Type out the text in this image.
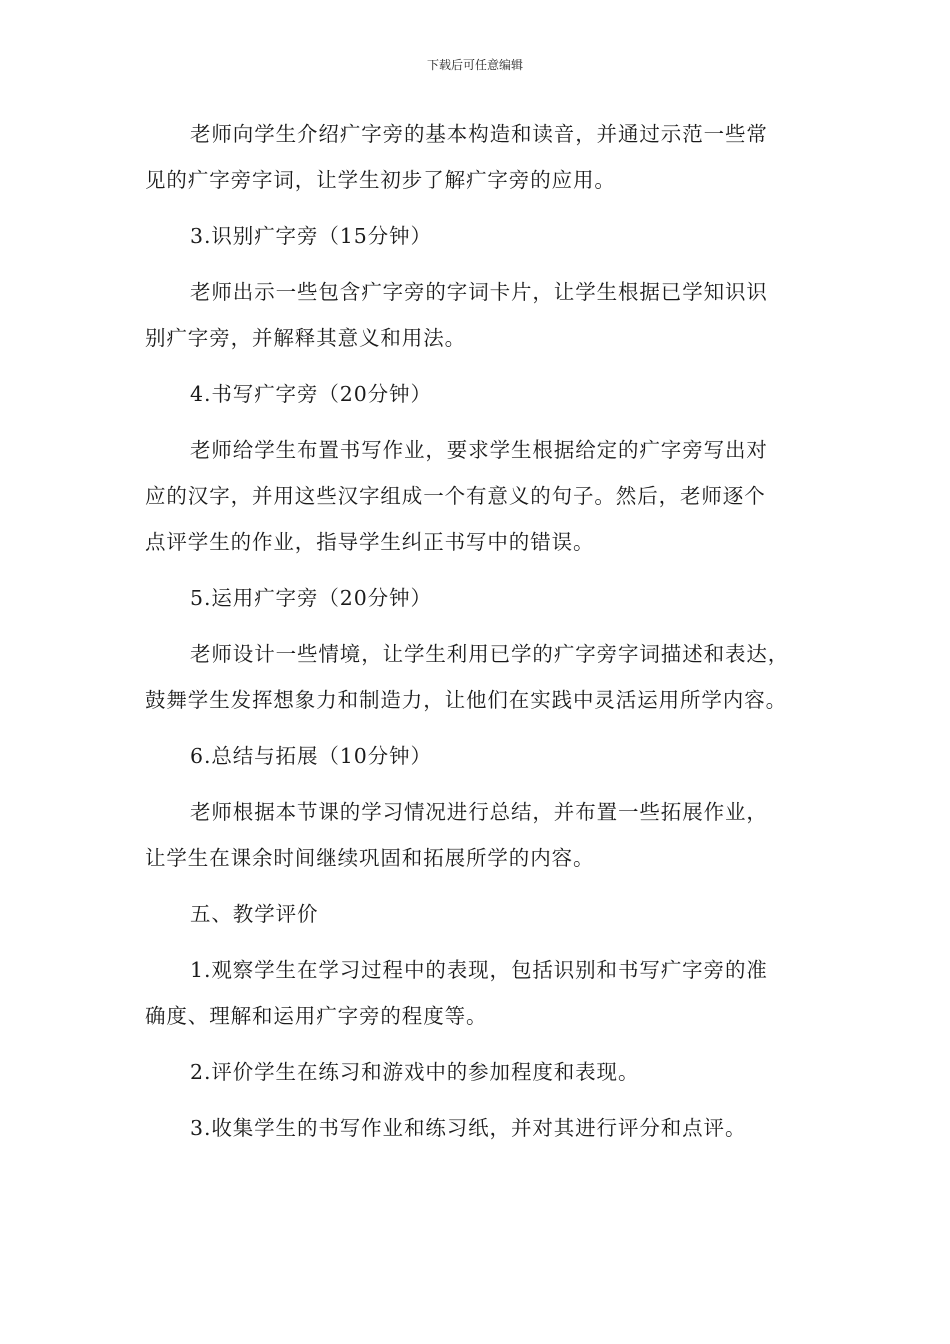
下载后可任意编辑

老师向学生介绍疒字旁的基本构造和读音，并通过示范一些常
见的疒字旁字词，让学生初步了解疒字旁的应用。

3.识别疒字旁（15分钟）

老师出示一些包含疒字旁的字词卡片，让学生根据已学知识识
别疒字旁，并解释其意义和用法。

4.书写疒字旁（20分钟）

老师给学生布置书写作业，要求学生根据给定的疒字旁写出对
应的汉字，并用这些汉字组成一个有意义的句子。然后，老师逐个
点评学生的作业，指导学生纠正书写中的错误。

5.运用疒字旁（20分钟）

老师设计一些情境，让学生利用已学的疒字旁字词描述和表达，
鼓舞学生发挥想象力和制造力，让他们在实践中灵活运用所学内容。

6.总结与拓展（10分钟）

老师根据本节课的学习情况进行总结，并布置一些拓展作业，
让学生在课余时间继续巩固和拓展所学的内容。

五、教学评价

1.观察学生在学习过程中的表现，包括识别和书写疒字旁的准
确度、理解和运用疒字旁的程度等。

2.评价学生在练习和游戏中的参加程度和表现。

3.收集学生的书写作业和练习纸，并对其进行评分和点评。
